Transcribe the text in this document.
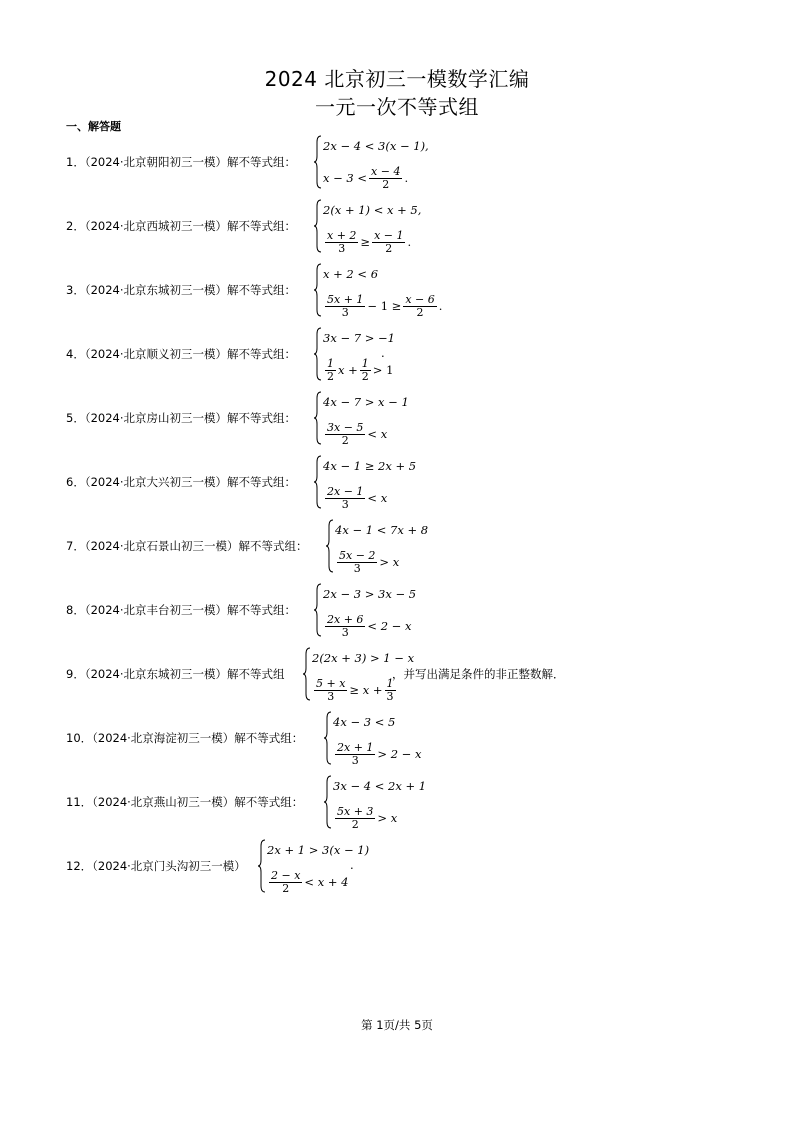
2024 北京初三一模数学汇编
一元一次不等式组
一、解答题
1．（2024·北京朝阳初三一模）解不等式组：
2x − 4 < 3(x − 1),
$x - 3 < \frac{x - 4}{2}$ .
2．（2024·北京西城初三一模）解不等式组：
2(x + 1) < x + 5,
$\frac{x + 2}{3} \ge \frac{x - 1}{2}$ .
3．（2024·北京东城初三一模）解不等式组：
x + 2 < 6
$\frac{5x + 1}{3} - 1 \ge \frac{x - 6}{2}$ .
4．（2024·北京顺义初三一模）解不等式组：
3x − 7 > −1
$\frac{1}{2}$ $x + \frac{1}{2} > 1$
.
5．（2024·北京房山初三一模）解不等式组：
4x − 7 > x − 1
$\frac{3x - 5}{2} < x$
6．（2024·北京大兴初三一模）解不等式组：
4x − 1 ≥ 2x + 5
$\frac{2x - 1}{3} < x$
7．（2024·北京石景山初三一模）解不等式组：
4x − 1 < 7x + 8
$\frac{5x - 2}{3} > x$
8．（2024·北京丰台初三一模）解不等式组：
2x − 3 > 3x − 5
$\frac{2x + 6}{3} < 2 - x$
9．（2024·北京东城初三一模）解不等式组
2(2x + 3) > 1 − x
$\frac{5 + x}{3} \ge x + \frac{1}{3}$
，并写出满足条件的非正整数解．
10．（2024·北京海淀初三一模）解不等式组：
4x − 3 < 5
$\frac{2x + 1}{3} > 2 - x$
11．（2024·北京燕山初三一模）解不等式组：
3x − 4 < 2x + 1
$\frac{5x + 3}{2} > x$
12．（2024·北京门头沟初三一模）
2x + 1 > 3(x − 1)
$\frac{2 - x}{2} < x + 4$
.
第 1页/共 5页
